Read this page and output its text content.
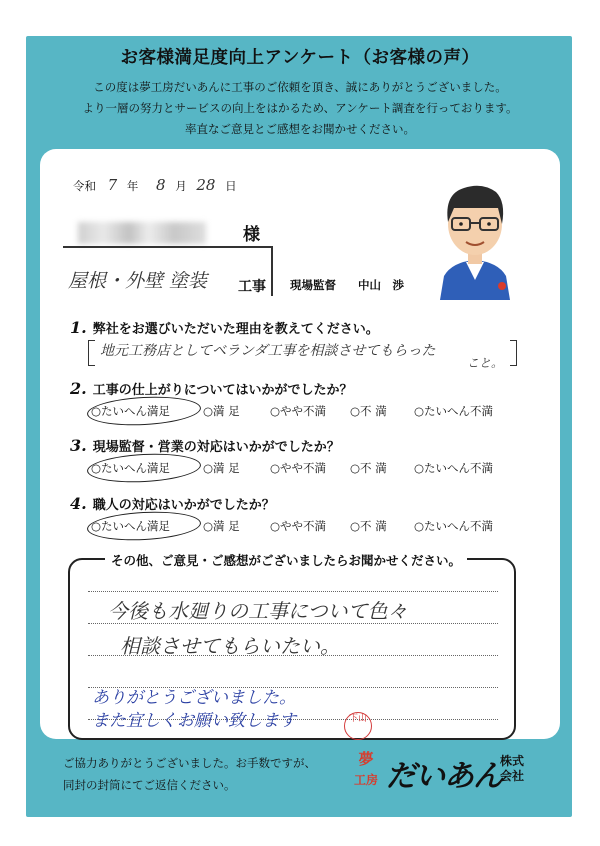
お客様満足度向上アンケート（お客様の声）
この度は夢工房だいあんに工事のご依頼を頂き、誠にありがとうございました。
より一層の努力とサービスの向上をはかるため、アンケート調査を行っております。
率直なご意見とご感想をお聞かせください。
令和 7 年 8 月 28 日
様
屋根・外壁 塗装 工事 現場監督 中山　渉
1. 弊社をお選びいただいた理由を教えてください。
地元工務店としてベランダ工事を相談させてもらった
こと。
2. 工事の仕上がりについてはいかがでしたか？
○たいへん満足	○満 足	○やや不満 ○不 満 ○たいへん不満
3. 現場監督・営業の対応はいかがでしたか？
○たいへん満足	○満 足	○やや不満 ○不 満 ○たいへん不満
4. 職人の対応はいかがでしたか？
○たいへん満足	○満 足	○やや不満 ○不 満 ○たいへん不満
その他、ご意見・ご感想がございましたらお聞かせください。
今後も水廻りの工事について色々
相談させてもらいたい。
ありがとうございました。
また宜しくお願い致します	下山
ご協力ありがとうございました。お手数ですが、
同封の封筒にてご返信ください。
夢
工房 だいあん
株式
会社
